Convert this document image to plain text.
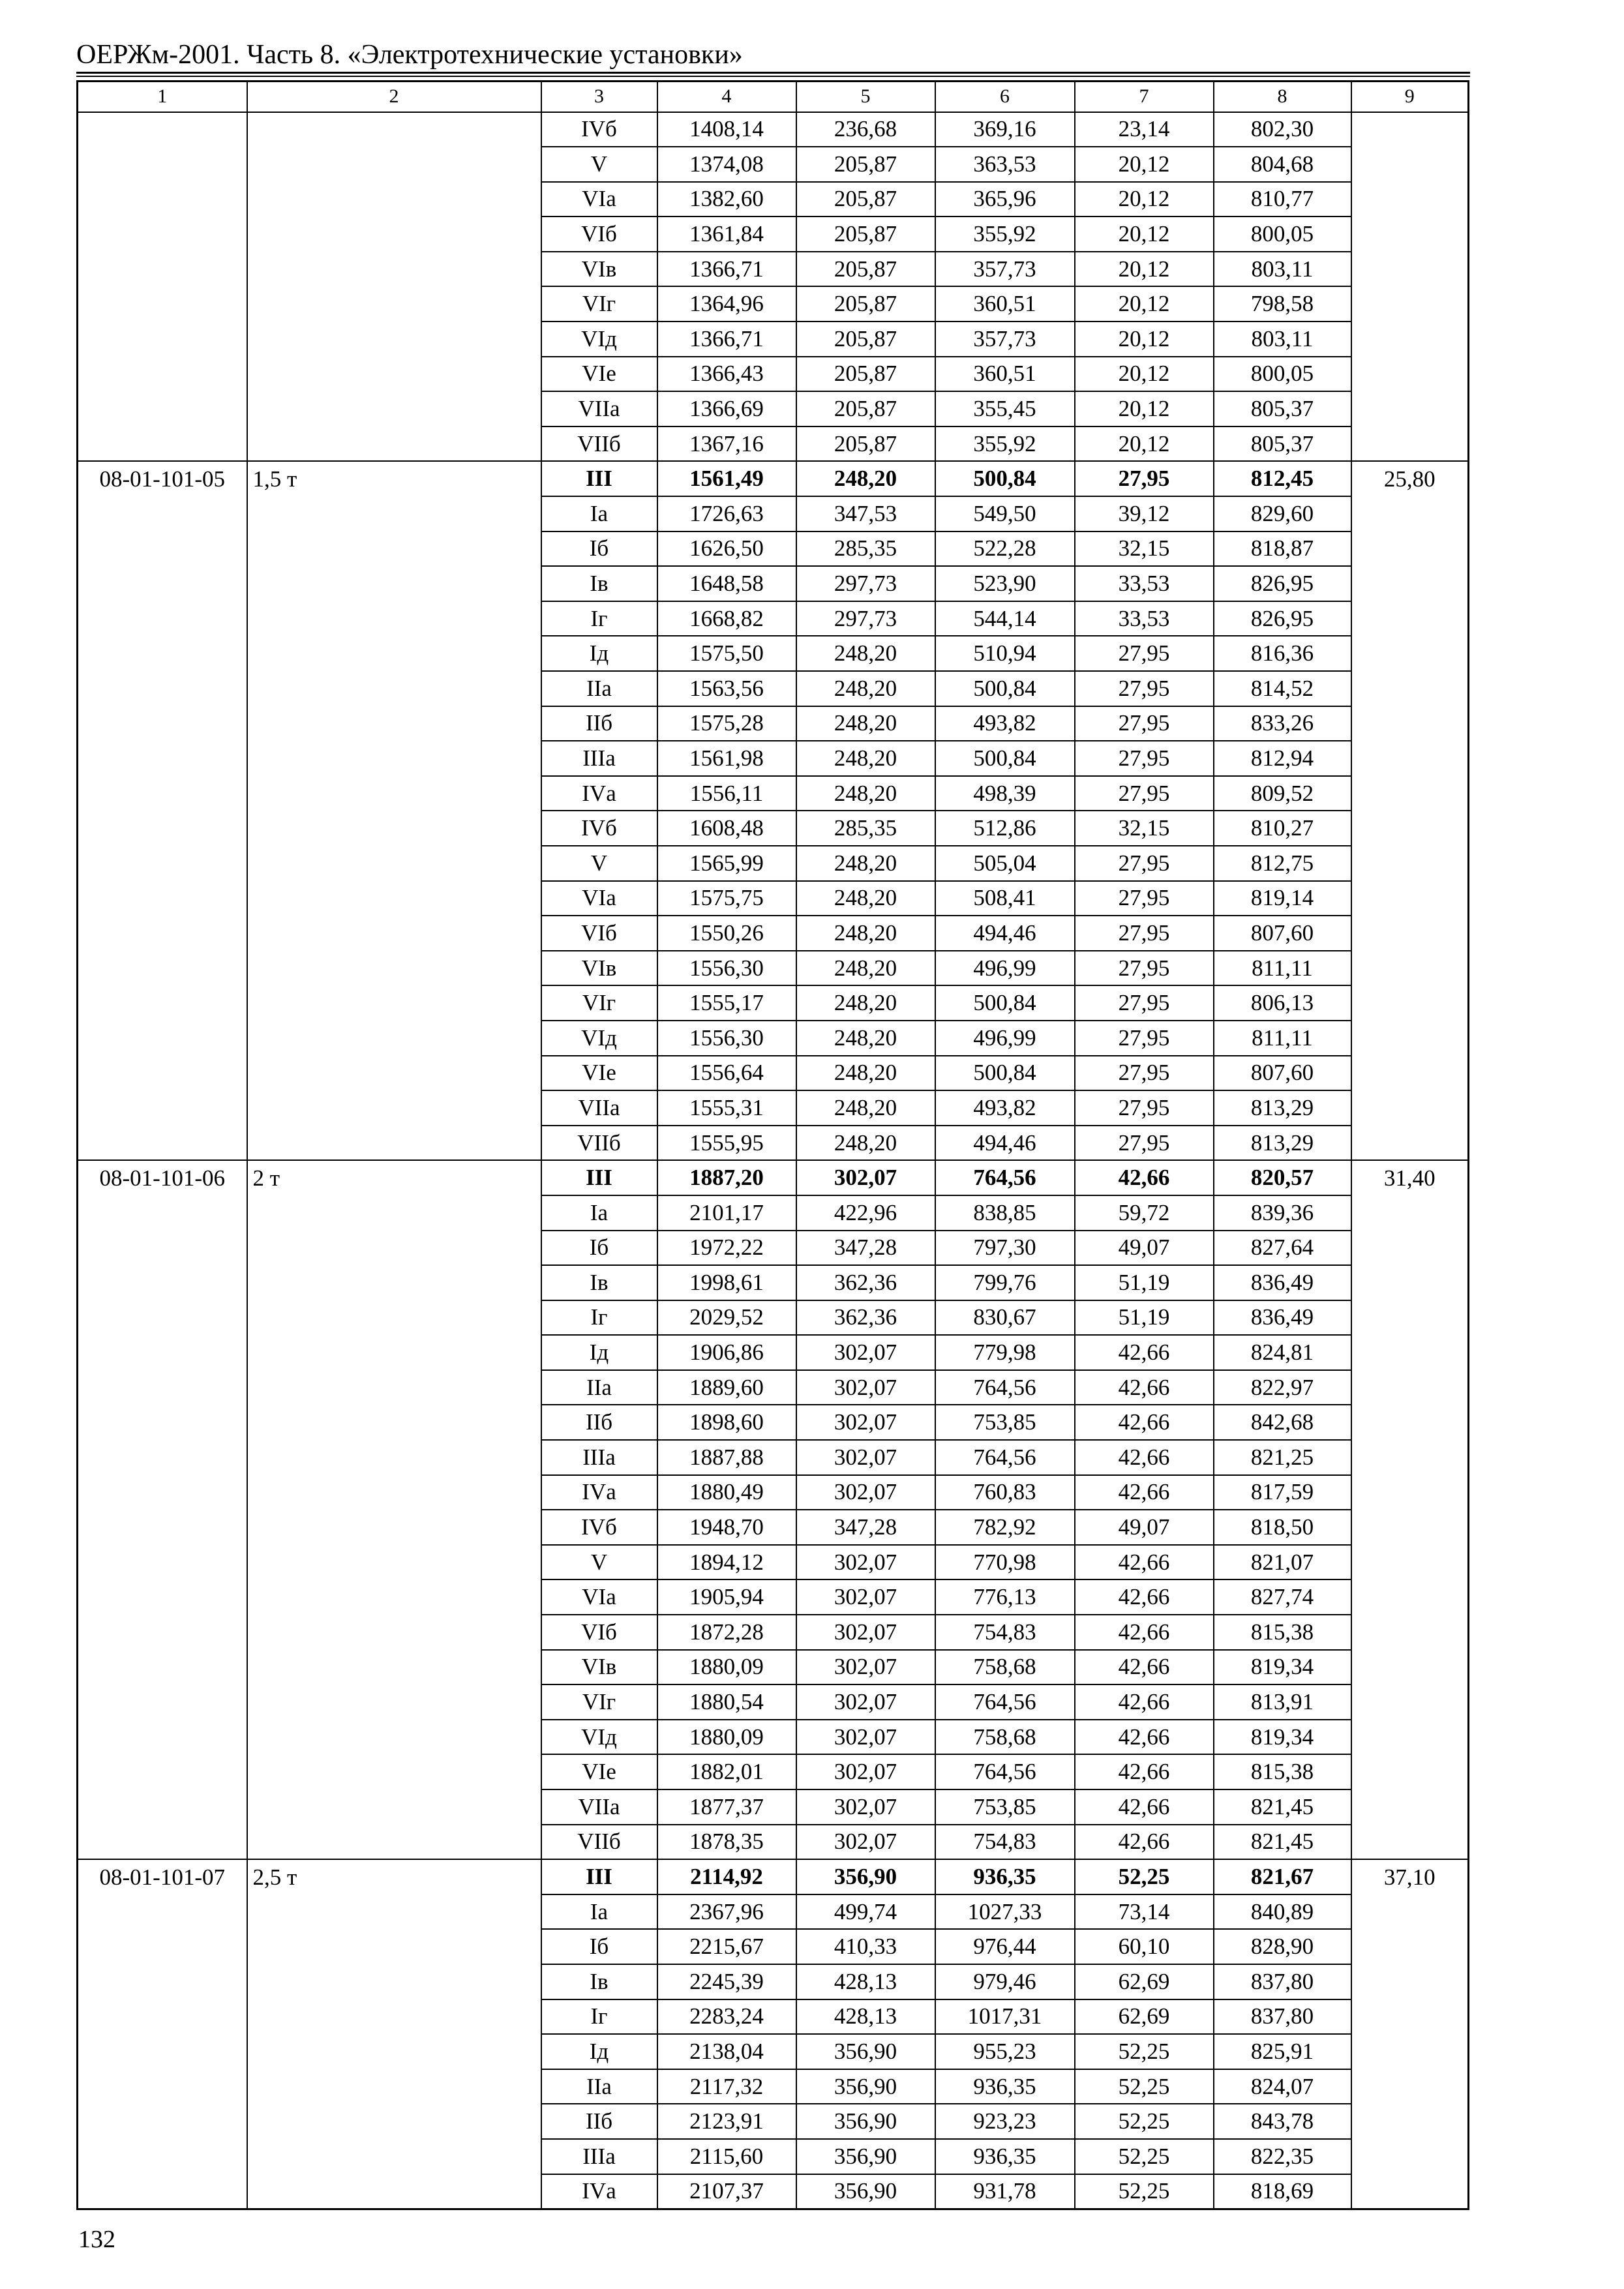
ОЕРЖм-2001. Часть 8. «Электротехнические установки»
1	2	3	4	5	6	7	8	9
		IVб	1408,14	236,68	369,16	23,14	802,30	
		V	1374,08	205,87	363,53	20,12	804,68	
		VIа	1382,60	205,87	365,96	20,12	810,77	
		VIб	1361,84	205,87	355,92	20,12	800,05	
		VIв	1366,71	205,87	357,73	20,12	803,11	
		VIг	1364,96	205,87	360,51	20,12	798,58	
		VIд	1366,71	205,87	357,73	20,12	803,11	
		VIе	1366,43	205,87	360,51	20,12	800,05	
		VIIа	1366,69	205,87	355,45	20,12	805,37	
		VIIб	1367,16	205,87	355,92	20,12	805,37	
08-01-101-05	1,5 т	III	1561,49	248,20	500,84	27,95	812,45	25,80
		Iа	1726,63	347,53	549,50	39,12	829,60	
		Iб	1626,50	285,35	522,28	32,15	818,87	
		Iв	1648,58	297,73	523,90	33,53	826,95	
		Iг	1668,82	297,73	544,14	33,53	826,95	
		Iд	1575,50	248,20	510,94	27,95	816,36	
		IIа	1563,56	248,20	500,84	27,95	814,52	
		IIб	1575,28	248,20	493,82	27,95	833,26	
		IIIа	1561,98	248,20	500,84	27,95	812,94	
		IVа	1556,11	248,20	498,39	27,95	809,52	
		IVб	1608,48	285,35	512,86	32,15	810,27	
		V	1565,99	248,20	505,04	27,95	812,75	
		VIа	1575,75	248,20	508,41	27,95	819,14	
		VIб	1550,26	248,20	494,46	27,95	807,60	
		VIв	1556,30	248,20	496,99	27,95	811,11	
		VIг	1555,17	248,20	500,84	27,95	806,13	
		VIд	1556,30	248,20	496,99	27,95	811,11	
		VIе	1556,64	248,20	500,84	27,95	807,60	
		VIIа	1555,31	248,20	493,82	27,95	813,29	
		VIIб	1555,95	248,20	494,46	27,95	813,29	
08-01-101-06	2 т	III	1887,20	302,07	764,56	42,66	820,57	31,40
		Iа	2101,17	422,96	838,85	59,72	839,36	
		Iб	1972,22	347,28	797,30	49,07	827,64	
		Iв	1998,61	362,36	799,76	51,19	836,49	
		Iг	2029,52	362,36	830,67	51,19	836,49	
		Iд	1906,86	302,07	779,98	42,66	824,81	
		IIа	1889,60	302,07	764,56	42,66	822,97	
		IIб	1898,60	302,07	753,85	42,66	842,68	
		IIIа	1887,88	302,07	764,56	42,66	821,25	
		IVа	1880,49	302,07	760,83	42,66	817,59	
		IVб	1948,70	347,28	782,92	49,07	818,50	
		V	1894,12	302,07	770,98	42,66	821,07	
		VIа	1905,94	302,07	776,13	42,66	827,74	
		VIб	1872,28	302,07	754,83	42,66	815,38	
		VIв	1880,09	302,07	758,68	42,66	819,34	
		VIг	1880,54	302,07	764,56	42,66	813,91	
		VIд	1880,09	302,07	758,68	42,66	819,34	
		VIе	1882,01	302,07	764,56	42,66	815,38	
		VIIа	1877,37	302,07	753,85	42,66	821,45	
		VIIб	1878,35	302,07	754,83	42,66	821,45	
08-01-101-07	2,5 т	III	2114,92	356,90	936,35	52,25	821,67	37,10
		Iа	2367,96	499,74	1027,33	73,14	840,89	
		Iб	2215,67	410,33	976,44	60,10	828,90	
		Iв	2245,39	428,13	979,46	62,69	837,80	
		Iг	2283,24	428,13	1017,31	62,69	837,80	
		Iд	2138,04	356,90	955,23	52,25	825,91	
		IIа	2117,32	356,90	936,35	52,25	824,07	
		IIб	2123,91	356,90	923,23	52,25	843,78	
		IIIа	2115,60	356,90	936,35	52,25	822,35	
		IVа	2107,37	356,90	931,78	52,25	818,69	
132
